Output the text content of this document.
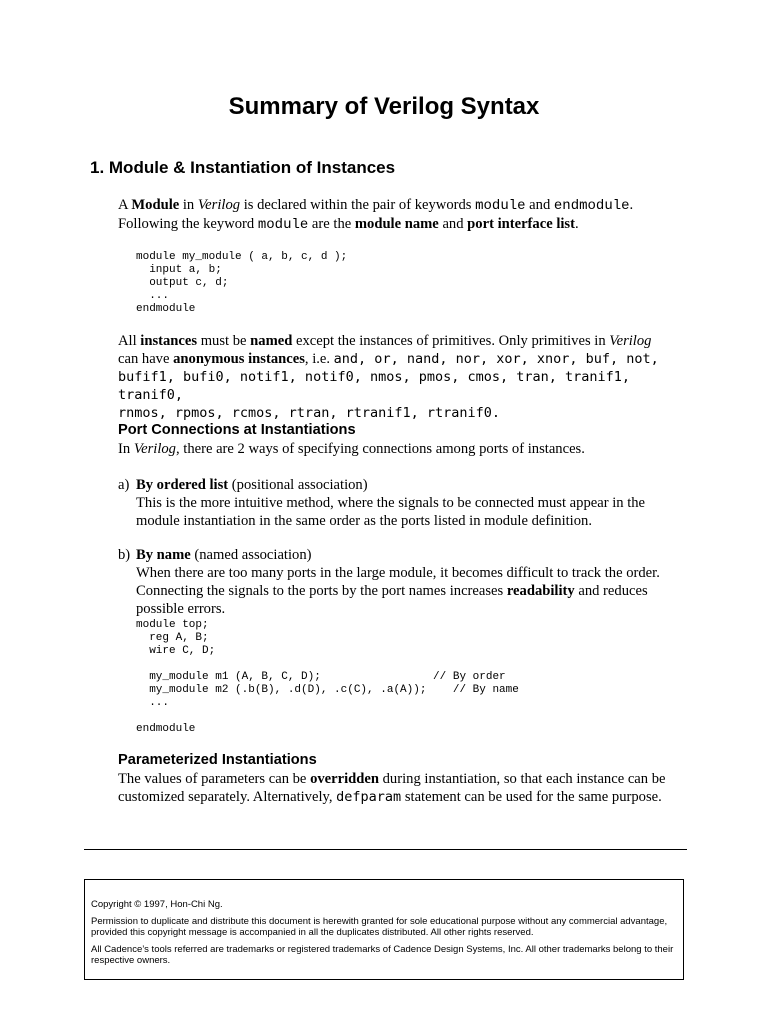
Summary of Verilog Syntax
1. Module & Instantiation of Instances

A Module in Verilog is declared within the pair of keywords module and endmodule.
Following the keyword module are the module name and port interface list.

module my_module ( a, b, c, d );
input a, b;
output c, d;
...
endmodule

All instances must be named except the instances of primitives. Only primitives in Verilog
can have anonymous instances, i.e. and, or, nand, nor, xor, xnor, buf, not,
bufif1, bufi0, notif1, notif0, nmos, pmos, cmos, tran, tranif1, tranif0,
rnmos, rpmos, rcmos, rtran, rtranif1, rtranif0.

Port Connections at Instantiations

In Verilog, there are 2 ways of specifying connections among ports of instances.

a) By ordered list (positional association)
This is the more intuitive method, where the signals to be connected must appear in the module instantiation in the same order as the ports listed in module definition.

b) By name (named association)
When there are too many ports in the large module, it becomes difficult to track the order. Connecting the signals to the ports by the port names increases readability and reduces possible errors.

module top;
reg A, B;
wire C, D;

my_module m1 (A, B, C, D);                 // By order
my_module m2 (.b(B), .d(D), .c(C), .a(A));    // By name
...

endmodule
Parameterized Instantiations

The values of parameters can be overridden during instantiation, so that each instance can be customized separately. Alternatively, defparam statement can be used for the same purpose.

Copyright © 1997, Hon-Chi Ng.

Permission to duplicate and distribute this document is herewith granted for sole educational purpose without any commercial advantage, provided this copyright message is accompanied in all the duplicates distributed. All other rights reserved.

All Cadence’s tools referred are trademarks or registered trademarks of Cadence Design Systems, Inc. All other trademarks belong to their respective owners.
